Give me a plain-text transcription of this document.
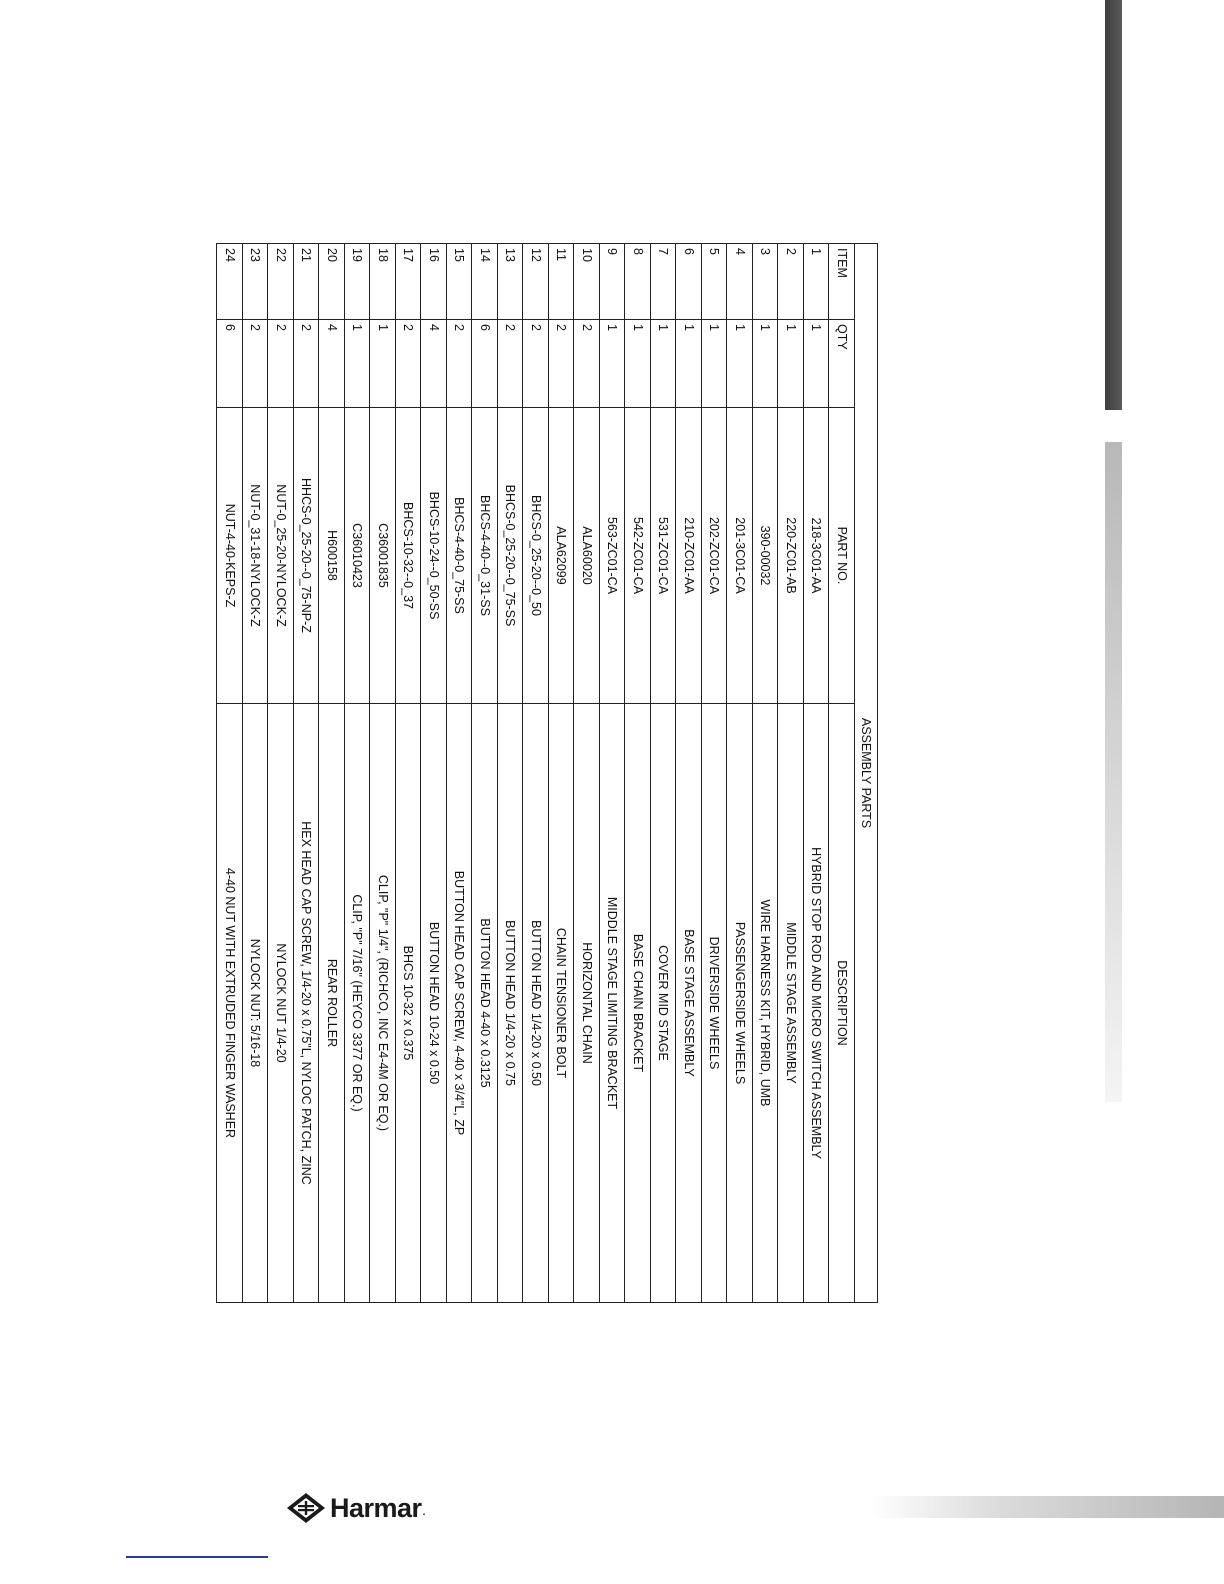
ASSEMBLY PARTS			
ITEM	QTY	PART NO.	DESCRIPTION
1	1	218-3C01-AA	HYBRID STOP ROD AND MICRO SWITCH ASSEMBLY
2	1	220-ZC01-AB	MIDDLE STAGE ASSEMBLY
3	1	390-00032	WIRE HARNESS KIT, HYBRID, UMB
4	1	201-3C01-CA	PASSENGERSIDE WHEELS
5	1	202-ZC01-CA	DRIVERSIDE WHEELS
6	1	210-ZC01-AA	BASE STAGE ASSEMBLY
7	1	531-ZC01-CA	COVER MID STAGE
8	1	542-ZC01-CA	BASE CHAIN BRACKET
9	1	563-ZC01-CA	MIDDLE STAGE LIMITING BRACKET
10	2	ALA60020	HORIZONTAL CHAIN
11	2	ALA62099	CHAIN TENSIONER BOLT
12	2	BHCS-0_25-20--0_50	BUTTON HEAD 1/4-20 x 0.50
13	2	BHCS-0_25-20--0_75-SS	BUTTON HEAD 1/4-20 x 0.75
14	6	BHCS-4-40--0_31-SS	BUTTON HEAD 4-40 x 0.3125
15	2	BHCS-4-40-0_75-SS	BUTTON HEAD CAP SCREW, 4-40 x 3/4"L, ZP
16	4	BHCS-10-24--0_50-SS	BUTTON HEAD 10-24 x 0.50
17	2	BHCS-10-32--0_37	BHCS 10-32 x 0.375
18	1	C36001835	CLIP, "P" 1/4", (RICHCO, INC E4-4M OR EQ.)
19	1	C36010423	CLIP, "P" 7/16" (HEYCO 3377 OR EQ.)
20	4	H600158	REAR ROLLER
21	2	HHCS-0_25-20--0_75-NP-Z	HEX HEAD CAP SCREW, 1/4-20 x 0.75"L, NYLOC PATCH, ZINC
22	2	NUT-0_25-20-NYLOCK-Z	NYLOCK NUT 1/4-20
23	2	NUT-0_31-18-NYLOCK-Z	NYLOCK NUT: 5/16-18
24	6	NUT-4-40-KEPS-Z	4-40 NUT WITH EXTRUDED FINGER WASHER
Harmar .
